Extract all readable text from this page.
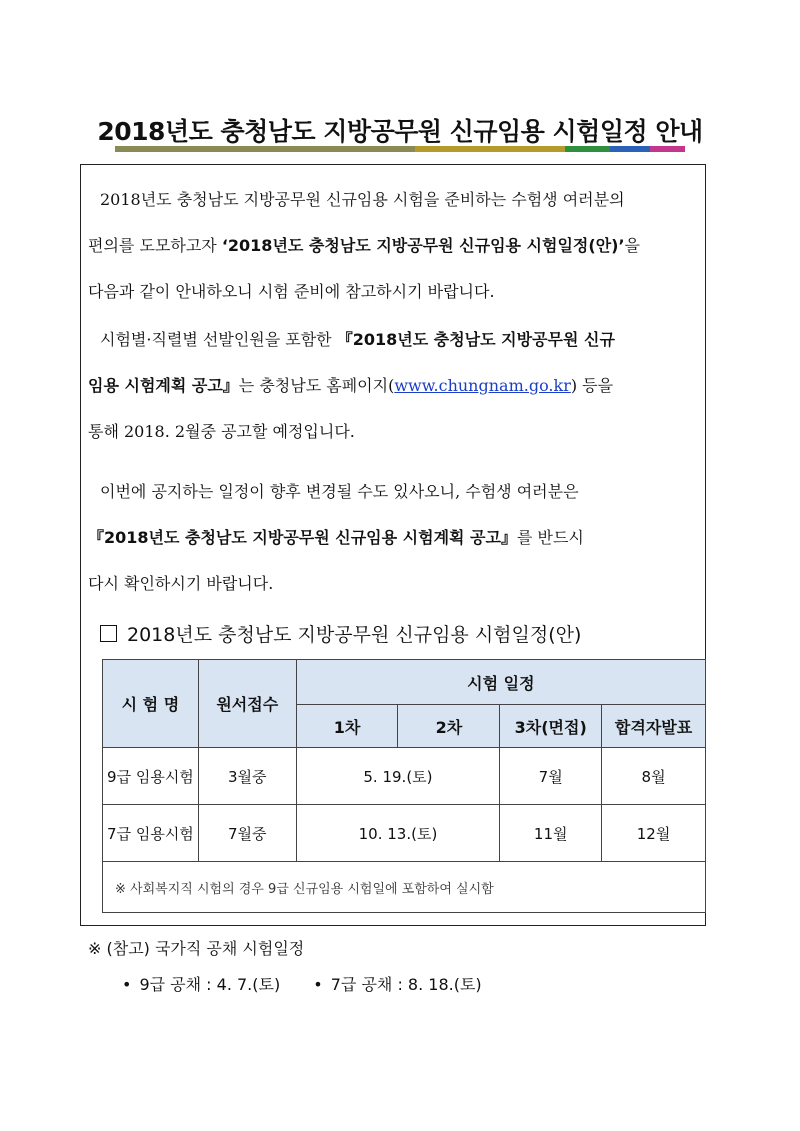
2018년도 충청남도 지방공무원 신규임용 시험일정 안내
2018년도 충청남도 지방공무원 신규임용 시험을 준비하는 수험생 여러분의
편의를 도모하고자 ‘2018년도 충청남도 지방공무원 신규임용 시험일정(안)’을
다음과 같이 안내하오니 시험 준비에 참고하시기 바랍니다.
시험별·직렬별 선발인원을 포함한 『2018년도 충청남도 지방공무원 신규
임용 시험계획 공고』는 충청남도 홈페이지(www.chungnam.go.kr) 등을
통해 2018. 2월중 공고할 예정입니다.
이번에 공지하는 일정이 향후 변경될 수도 있사오니, 수험생 여러분은
『2018년도 충청남도 지방공무원 신규임용 시험계획 공고』를 반드시
다시 확인하시기 바랍니다.
2018년도 충청남도 지방공무원 신규임용 시험일정(안)
시 험 명	원서접수	시험 일정			
		1차	2차	3차(면접)	합격자발표
9급 임용시험	3월중	5. 19.(토)		7월	8월
7급 임용시험	7월중	10. 13.(토)		11월	12월
※ 사회복지직 시험의 경우 9급 신규임용 시험일에 포함하여 실시함					
※ (참고) 국가직 공채 시험일정
• 9급 공채 : 4. 7.(토) • 7급 공채 : 8. 18.(토)
